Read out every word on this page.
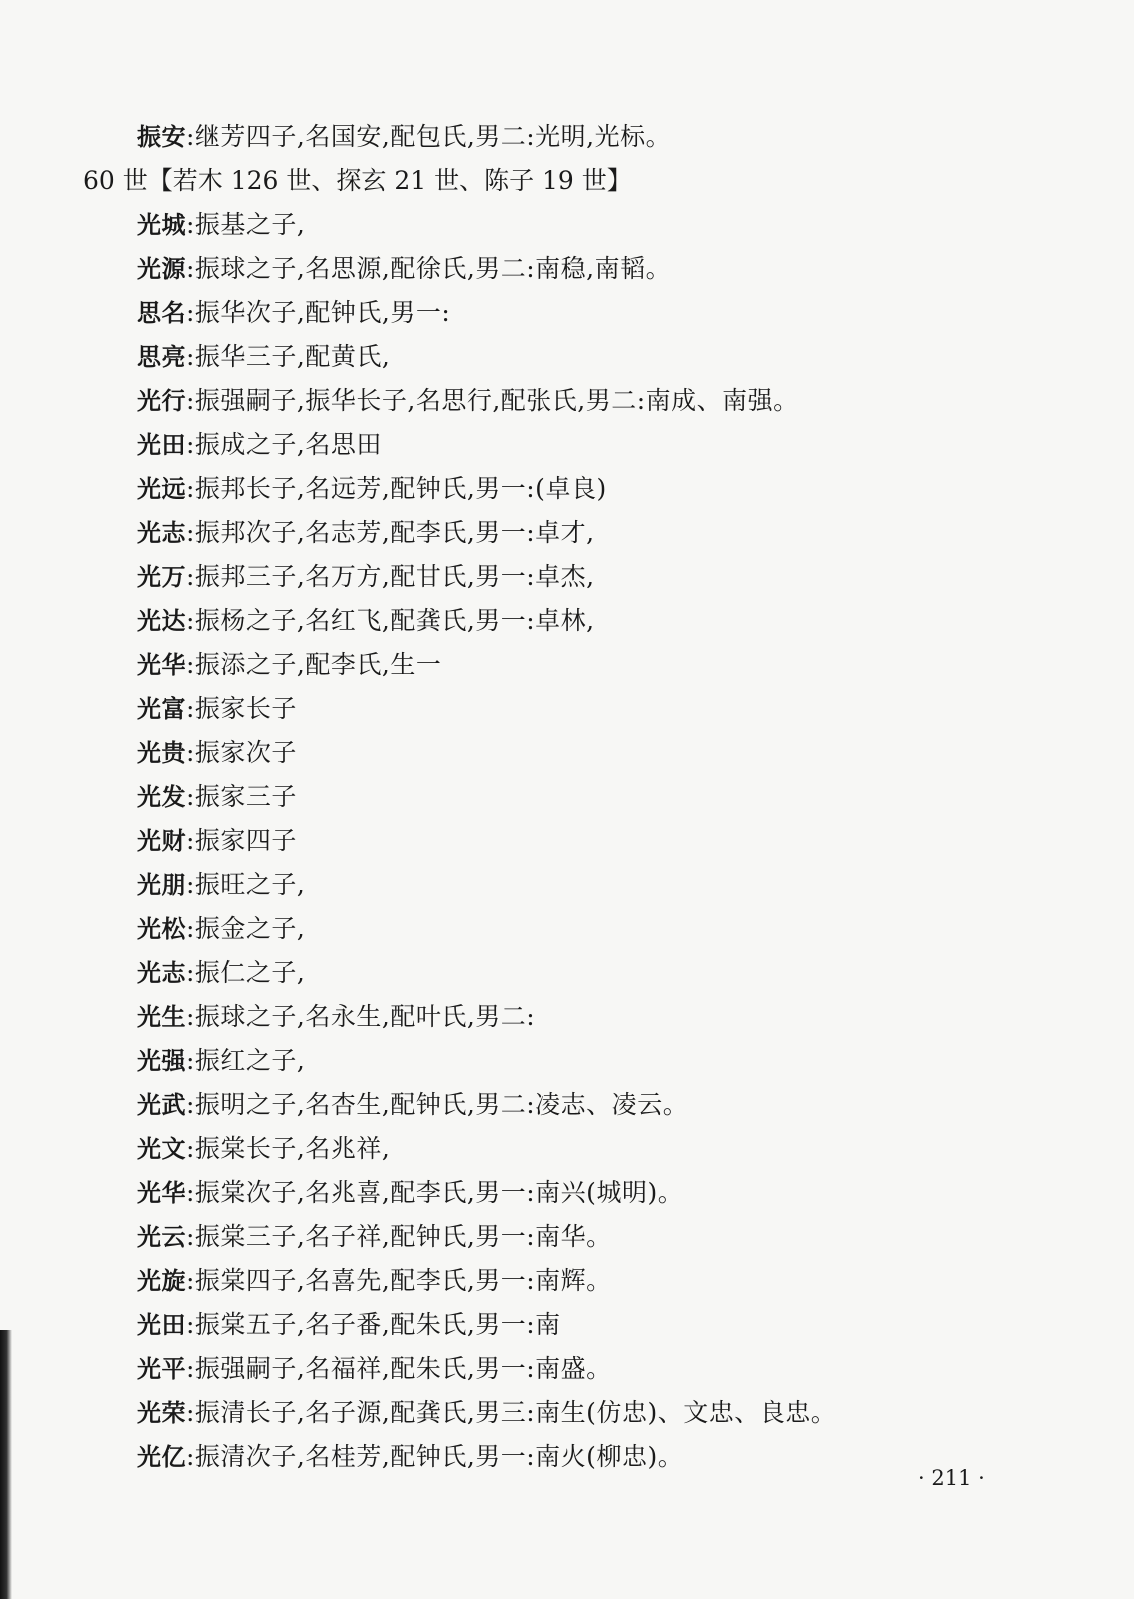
振安:继芳四子,名国安,配包氏,男二:光明,光标。
60 世【若木 126 世、探玄 21 世、陈子 19 世】
光城:振基之子,
光源:振球之子,名思源,配徐氏,男二:南稳,南韬。
思名:振华次子,配钟氏,男一:
思亮:振华三子,配黄氏,
光行:振强嗣子,振华长子,名思行,配张氏,男二:南成、南强。
光田:振成之子,名思田
光远:振邦长子,名远芳,配钟氏,男一:(卓良)
光志:振邦次子,名志芳,配李氏,男一:卓才,
光万:振邦三子,名万方,配甘氏,男一:卓杰,
光达:振杨之子,名红飞,配龚氏,男一:卓林,
光华:振添之子,配李氏,生一
光富:振家长子
光贵:振家次子
光发:振家三子
光财:振家四子
光朋:振旺之子,
光松:振金之子,
光志:振仁之子,
光生:振球之子,名永生,配叶氏,男二:
光强:振红之子,
光武:振明之子,名杏生,配钟氏,男二:凌志、凌云。
光文:振棠长子,名兆祥,
光华:振棠次子,名兆喜,配李氏,男一:南兴(城明)。
光云:振棠三子,名子祥,配钟氏,男一:南华。
光旋:振棠四子,名喜先,配李氏,男一:南辉。
光田:振棠五子,名子番,配朱氏,男一:南
光平:振强嗣子,名福祥,配朱氏,男一:南盛。
光荣:振清长子,名子源,配龚氏,男三:南生(仿忠)、文忠、良忠。
光亿:振清次子,名桂芳,配钟氏,男一:南火(柳忠)。
· 211 ·
